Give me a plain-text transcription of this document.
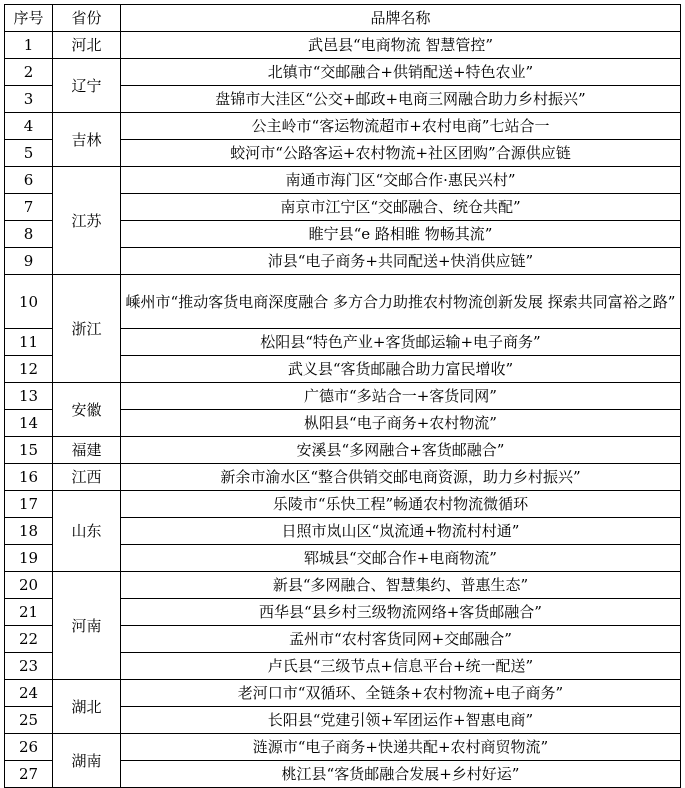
序号	省份	品牌名称
1	河北	武邑县“电商物流 智慧管控”
2	辽宁	北镇市“交邮融合+供销配送+特色农业”
3		盘锦市大洼区“公交+邮政+电商三网融合助力乡村振兴”
4	吉林	公主岭市“客运物流超市+农村电商”七站合一
5		蛟河市“公路客运+农村物流+社区团购”合源供应链
6	江苏	南通市海门区“交邮合作·惠民兴村”
7		南京市江宁区“交邮融合、统仓共配”
8		睢宁县“e 路相睢 物畅其流”
9		沛县“电子商务+共同配送+快消供应链”
10	浙江	嵊州市“推动客货电商深度融合 多方合力助推农村物流创新发展 探索共同富裕之路”
11		松阳县“特色产业+客货邮运输+电子商务”
12		武义县“客货邮融合助力富民增收”
13	安徽	广德市“多站合一+客货同网”
14		枞阳县“电子商务+农村物流”
15	福建	安溪县“多网融合+客货邮融合”
16	江西	新余市渝水区“整合供销交邮电商资源，助力乡村振兴”
17	山东	乐陵市“乐快工程”畅通农村物流微循环
18		日照市岚山区“岚流通+物流村村通”
19		郓城县“交邮合作+电商物流”
20	河南	新县“多网融合、智慧集约、普惠生态”
21		西华县“县乡村三级物流网络+客货邮融合”
22		孟州市“农村客货同网+交邮融合”
23		卢氏县“三级节点+信息平台+统一配送”
24	湖北	老河口市“双循环、全链条+农村物流+电子商务”
25		长阳县“党建引领+军团运作+智惠电商”
26	湖南	涟源市“电子商务+快递共配+农村商贸物流”
27		桃江县“客货邮融合发展+乡村好运”
